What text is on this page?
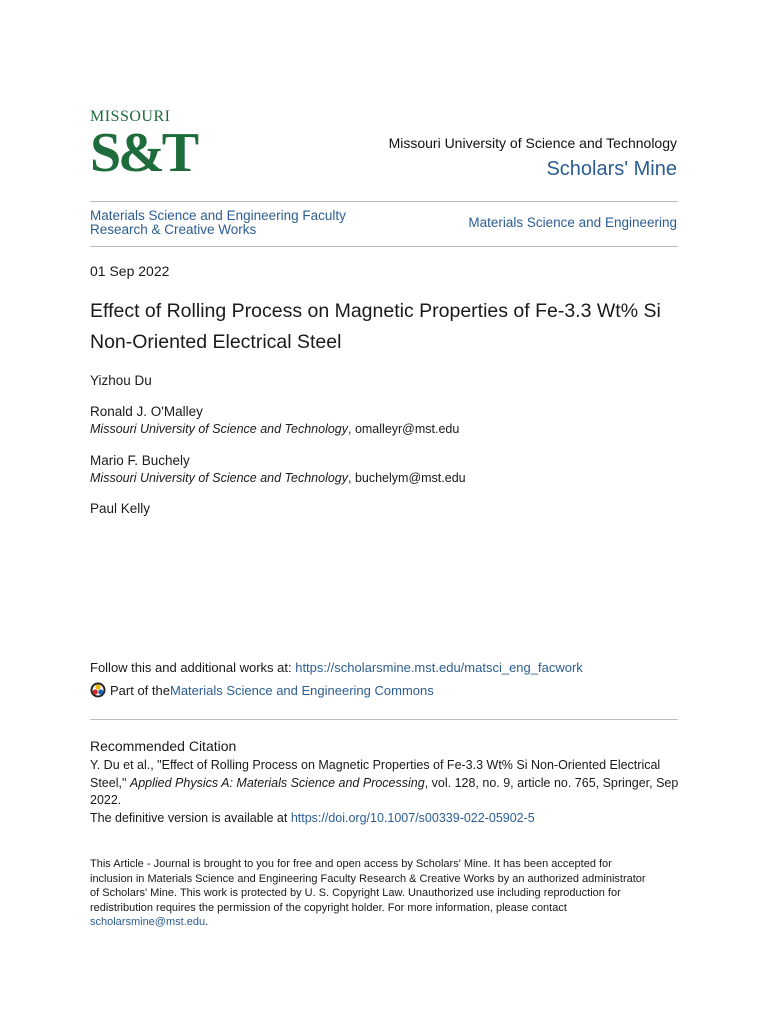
MISSOURI
S&T	Missouri University of Science and Technology
Scholars' Mine
Materials Science and Engineering Faculty
Research & Creative Works	Materials Science and Engineering
01 Sep 2022
Effect of Rolling Process on Magnetic Properties of Fe-3.3 Wt% Si
Non-Oriented Electrical Steel
Yizhou Du
Ronald J. O'Malley
Missouri University of Science and Technology, omalleyr@mst.edu
Mario F. Buchely
Missouri University of Science and Technology, buchelym@mst.edu
Paul Kelly
Follow this and additional works at: https://scholarsmine.mst.edu/matsci_eng_facwork
Part of the Materials Science and Engineering Commons
Recommended Citation
Y. Du et al., "Effect of Rolling Process on Magnetic Properties of Fe-3.3 Wt% Si Non-Oriented Electrical
Steel," Applied Physics A: Materials Science and Processing, vol. 128, no. 9, article no. 765, Springer, Sep
2022.
The definitive version is available at https://doi.org/10.1007/s00339-022-05902-5
This Article - Journal is brought to you for free and open access by Scholars' Mine. It has been accepted for
inclusion in Materials Science and Engineering Faculty Research & Creative Works by an authorized administrator
of Scholars' Mine. This work is protected by U. S. Copyright Law. Unauthorized use including reproduction for
redistribution requires the permission of the copyright holder. For more information, please contact
scholarsmine@mst.edu.
